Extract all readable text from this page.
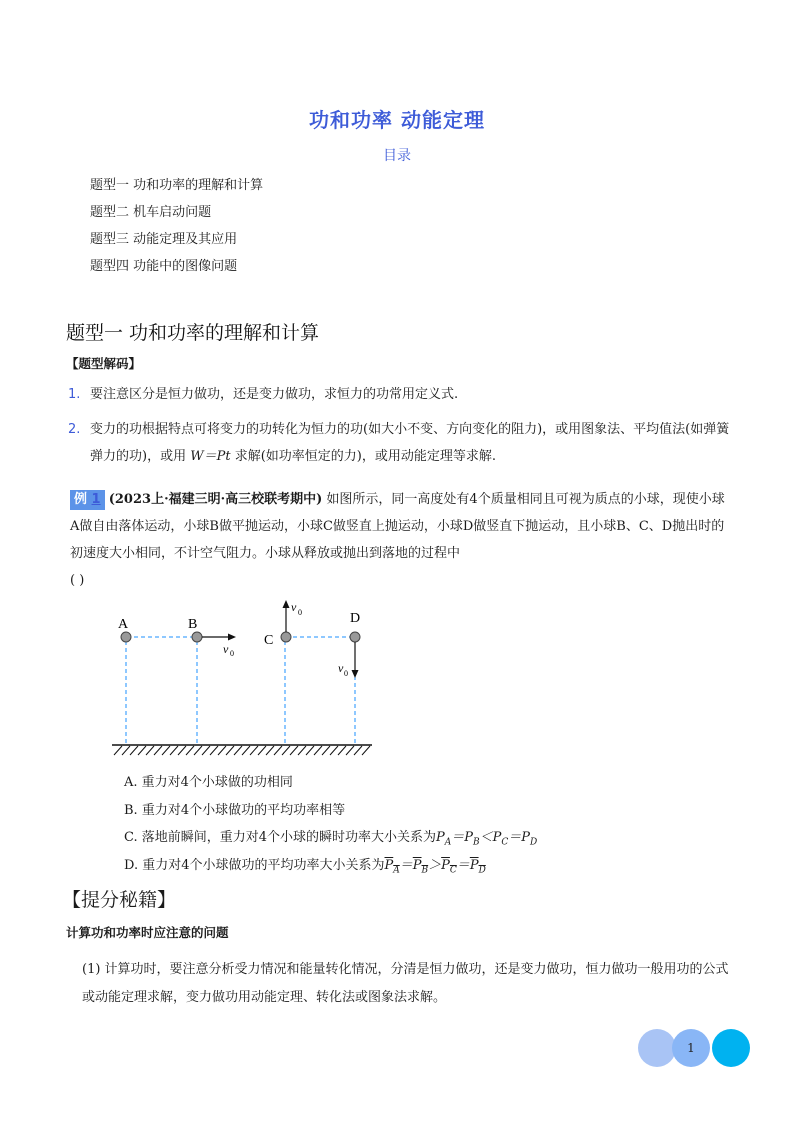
功和功率 动能定理
目录
题型一 功和功率的理解和计算
题型二 机车启动问题
题型三 动能定理及其应用
题型四 功能中的图像问题
题型一 功和功率的理解和计算
【题型解码】
1. 要注意区分是恒力做功，还是变力做功，求恒力的功常用定义式.
2. 变力的功根据特点可将变力的功转化为恒力的功(如大小不变、方向变化的阻力)，或用图象法、平均值法(如弹簧弹力的功)，或用 W＝Pt 求解(如功率恒定的力)，或用动能定理等求解.
例 1 (2023上·福建三明·高三校联考期中) 如图所示，同一高度处有4个质量相同且可视为质点的小球，现使小球A做自由落体运动，小球B做平抛运动，小球C做竖直上抛运动，小球D做竖直下抛运动，且小球B、C、D抛出时的初速度大小相同，不计空气阻力。小球从释放或抛出到落地的过程中
( )
A	B
C
D
v 0
v 0
v 0
A. 重力对4个小球做的功相同
B. 重力对4个小球做功的平均功率相等
C. 落地前瞬间，重力对4个小球的瞬时功率大小关系为$P_A=P_B<P_C=P_D$
D. 重力对4个小球做功的平均功率大小关系为$P_A=P_B>P_C=P_D$
【提分秘籍】
计算功和功率时应注意的问题
(1) 计算功时，要注意分析受力情况和能量转化情况，分清是恒力做功，还是变力做功，恒力做功一般用功的公式或动能定理求解，变力做功用动能定理、转化法或图象法求解。
1
